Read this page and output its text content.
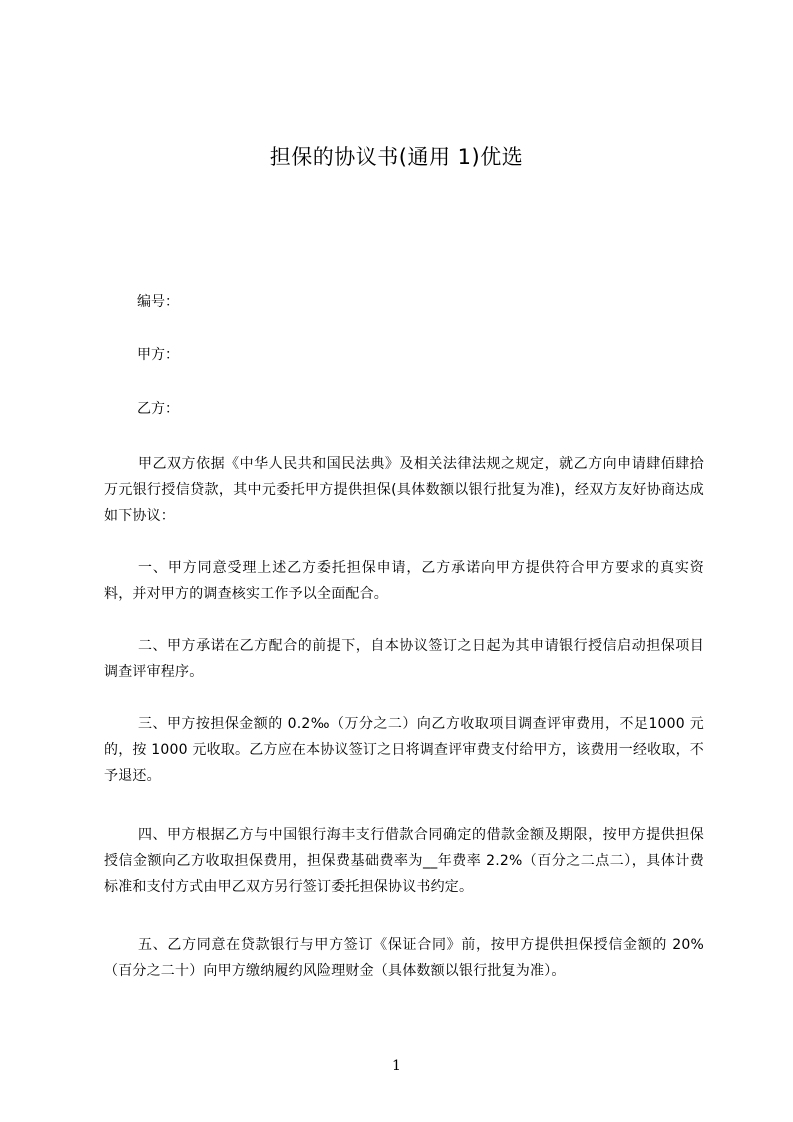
担保的协议书(通用 1)优选
编号：
甲方：
乙方：
甲乙双方依据《中华人民共和国民法典》及相关法律法规之规定，就乙方向申请肆佰肆拾万元银行授信贷款，其中元委托甲方提供担保(具体数额以银行批复为准)，经双方友好协商达成如下协议：
一、甲方同意受理上述乙方委托担保申请，乙方承诺向甲方提供符合甲方要求的真实资料，并对甲方的调查核实工作予以全面配合。
二、甲方承诺在乙方配合的前提下，自本协议签订之日起为其申请银行授信启动担保项目调查评审程序。
三、甲方按担保金额的 0.2‰（万分之二）向乙方收取项目调查评审费用，不足1000 元的，按 1000 元收取。乙方应在本协议签订之日将调查评审费支付给甲方，该费用一经收取，不予退还。
四、甲方根据乙方与中国银行海丰支行借款合同确定的借款金额及期限，按甲方提供担保授信金额向乙方收取担保费用，担保费基础费率为__年费率 2.2%（百分之二点二），具体计费标准和支付方式由甲乙双方另行签订委托担保协议书约定。
五、乙方同意在贷款银行与甲方签订《保证合同》前，按甲方提供担保授信金额的 20%（百分之二十）向甲方缴纳履约风险理财金（具体数额以银行批复为准）。
1
